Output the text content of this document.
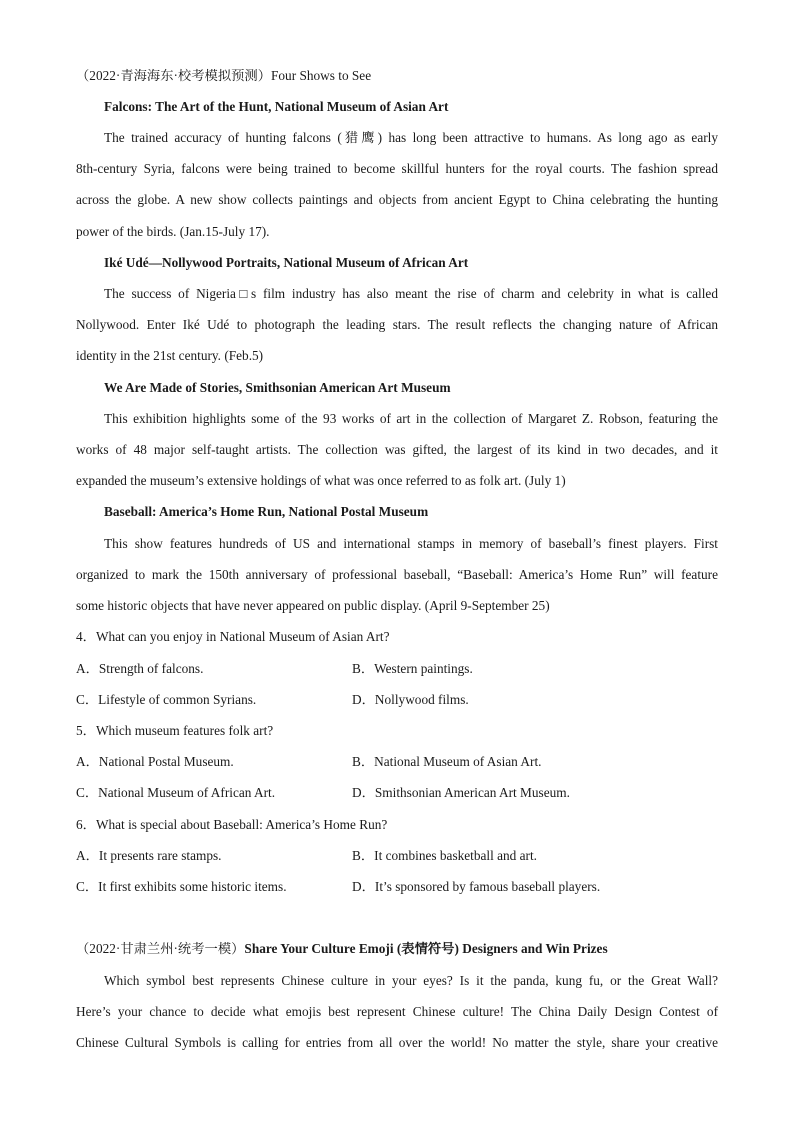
（2022·青海海东·校考模拟预测）Four Shows to See
Falcons: The Art of the Hunt, National Museum of Asian Art
The trained accuracy of hunting falcons (猎鹰) has long been attractive to humans. As long ago as early
8th-century Syria, falcons were being trained to become skillful hunters for the royal courts. The fashion spread
across the globe. A new show collects paintings and objects from ancient Egypt to China celebrating the hunting
power of the birds. (Jan.15-July 17).
Iké Udé—Nollywood Portraits, National Museum of African Art
The success of Nigeria□s film industry has also meant the rise of charm and celebrity in what is called
Nollywood. Enter Iké Udé to photograph the leading stars. The result reflects the changing nature of African
identity in the 21st century. (Feb.5)
We Are Made of Stories, Smithsonian American Art Museum
This exhibition highlights some of the 93 works of art in the collection of Margaret Z. Robson, featuring the
works of 48 major self-taught artists. The collection was gifted, the largest of its kind in two decades, and it
expanded the museum’s extensive holdings of what was once referred to as folk art. (July 1)
Baseball: America’s Home Run, National Postal Museum
This show features hundreds of US and international stamps in memory of baseball’s finest players. First
organized to mark the 150th anniversary of professional baseball, “Baseball: America’s Home Run” will feature
some historic objects that have never appeared on public display. (April 9-September 25)
4．What can you enjoy in National Museum of Asian Art?
A．Strength of falcons.	B．Western paintings.
C．Lifestyle of common Syrians.	D．Nollywood films.
5．Which museum features folk art?
A．National Postal Museum.	B．National Museum of Asian Art.
C．National Museum of African Art.	D．Smithsonian American Art Museum.
6．What is special about Baseball: America’s Home Run?
A．It presents rare stamps.	B．It combines basketball and art.
C．It first exhibits some historic items.	D．It’s sponsored by famous baseball players.
（2022·甘肃兰州·统考一模）Share Your Culture Emoji (表情符号) Designers and Win Prizes
Which symbol best represents Chinese culture in your eyes? Is it the panda, kung fu, or the Great Wall?
Here’s your chance to decide what emojis best represent Chinese culture! The China Daily Design Contest of
Chinese Cultural Symbols is calling for entries from all over the world! No matter the style, share your creative
